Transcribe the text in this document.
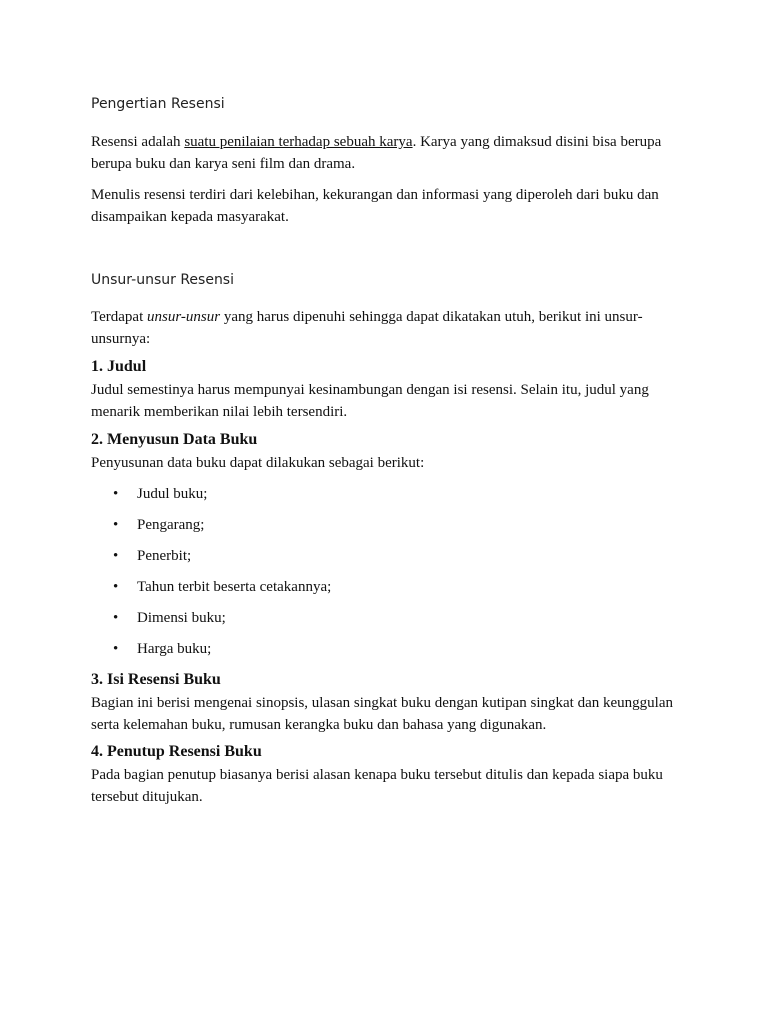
Pengertian Resensi

Resensi adalah suatu penilaian terhadap sebuah karya. Karya yang dimaksud disini bisa berupa berupa buku dan karya seni film dan drama.

Menulis resensi terdiri dari kelebihan, kekurangan dan informasi yang diperoleh dari buku dan disampaikan kepada masyarakat.

Unsur-unsur Resensi

Terdapat unsur-unsur yang harus dipenuhi sehingga dapat dikatakan utuh, berikut ini unsur-unsurnya:

1. Judul

Judul semestinya harus mempunyai kesinambungan dengan isi resensi. Selain itu, judul yang menarik memberikan nilai lebih tersendiri.

2. Menyusun Data Buku

Penyusunan data buku dapat dilakukan sebagai berikut:

• Judul buku;
• Pengarang;
• Penerbit;
• Tahun terbit beserta cetakannya;
• Dimensi buku;
• Harga buku;
3. Isi Resensi Buku

Bagian ini berisi mengenai sinopsis, ulasan singkat buku dengan kutipan singkat dan keunggulan serta kelemahan buku, rumusan kerangka buku dan bahasa yang digunakan.

4. Penutup Resensi Buku

Pada bagian penutup biasanya berisi alasan kenapa buku tersebut ditulis dan kepada siapa buku tersebut ditujukan.
